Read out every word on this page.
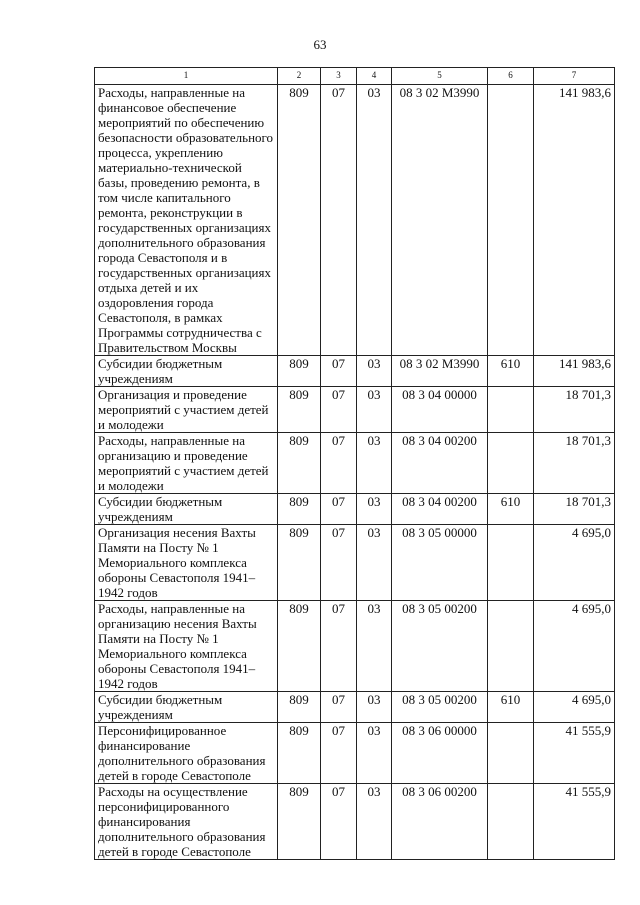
63
1	2	3	4	5	6	7
Расходы, направленные на финансовое обеспечение мероприятий по обеспечению безопасности образовательного процесса, укреплению материально-технической базы, проведению ремонта, в том числе капитального ремонта, реконструкции в государственных организациях дополнительного образования города Севастополя и в государственных организациях отдыха детей и их оздоровления города Севастополя, в рамках Программы сотрудничества с Правительством Москвы	809	07	03	08 3 02 М3990		141 983,6
Субсидии бюджетным учреждениям	809	07	03	08 3 02 М3990	610	141 983,6
Организация и проведение мероприятий с участием детей и молодежи	809	07	03	08 3 04 00000		18 701,3
Расходы, направленные на организацию и проведение мероприятий с участием детей и молодежи	809	07	03	08 3 04 00200		18 701,3
Субсидии бюджетным учреждениям	809	07	03	08 3 04 00200	610	18 701,3
Организация несения Вахты Памяти на Посту № 1 Мемориального комплекса обороны Севастополя 1941–1942 годов	809	07	03	08 3 05 00000		4 695,0
Расходы, направленные на организацию несения Вахты Памяти на Посту № 1 Мемориального комплекса обороны Севастополя 1941–1942 годов	809	07	03	08 3 05 00200		4 695,0
Субсидии бюджетным учреждениям	809	07	03	08 3 05 00200	610	4 695,0
Персонифицированное финансирование дополнительного образования детей в городе Севастополе	809	07	03	08 3 06 00000		41 555,9
Расходы на осуществление персонифицированного финансирования дополнительного образования детей в городе Севастополе	809	07	03	08 3 06 00200		41 555,9
